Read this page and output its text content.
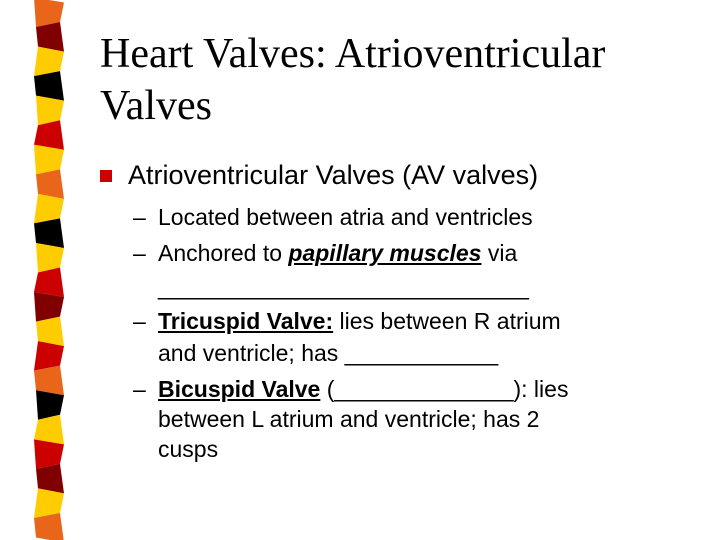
Heart Valves: Atrioventricular
Valves
Atrioventricular Valves (AV valves)
– Located between atria and ventricles
– Anchored to papillary muscles via
_____________________________
– Tricuspid Valve: lies between R atrium
and ventricle; has ____________
– Bicuspid Valve (______________): lies
between L atrium and ventricle; has 2
cusps
